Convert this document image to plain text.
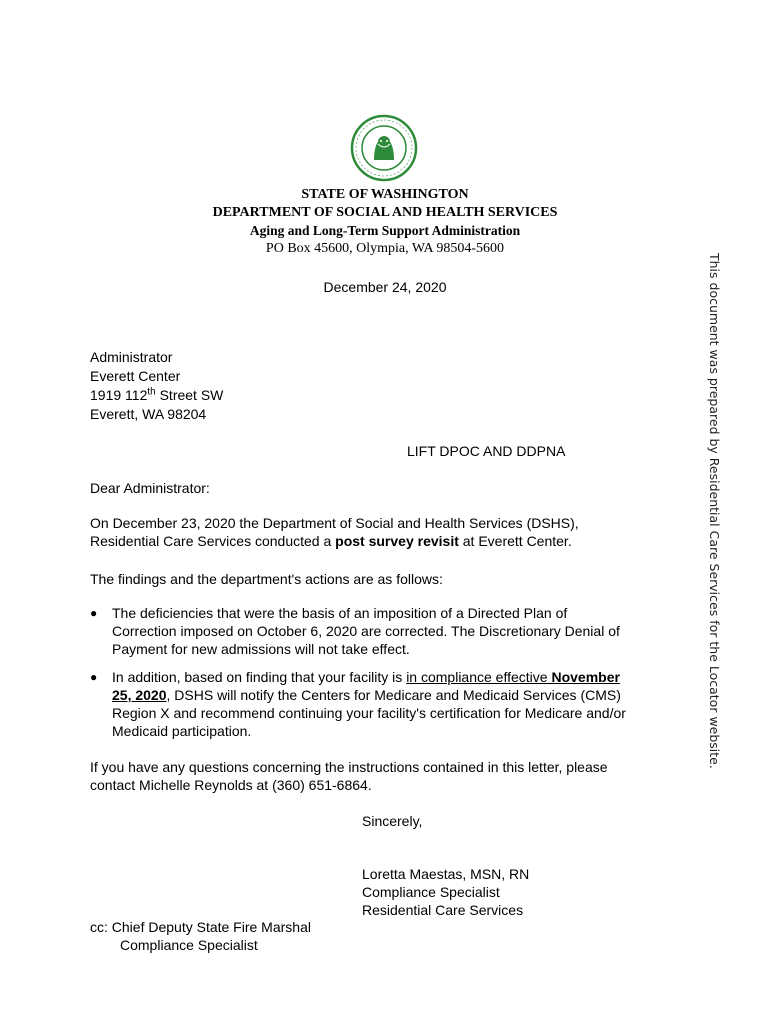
STATE OF WASHINGTON
DEPARTMENT OF SOCIAL AND HEALTH SERVICES
Aging and Long-Term Support Administration
PO Box 45600, Olympia, WA 98504-5600
December 24, 2020
Administrator
Everett Center
1919 112th Street SW
Everett, WA 98204
LIFT DPOC AND DDPNA
Dear Administrator:
On December 23, 2020 the Department of Social and Health Services (DSHS),
Residential Care Services conducted a post survey revisit at Everett Center.
The findings and the department's actions are as follows:
● The deficiencies that were the basis of an imposition of a Directed Plan of
Correction imposed on October 6, 2020 are corrected. The Discretionary Denial of
Payment for new admissions will not take effect.
● In addition, based on finding that your facility is in compliance effective November
25, 2020, DSHS will notify the Centers for Medicare and Medicaid Services (CMS)
Region X and recommend continuing your facility's certification for Medicare and/or
Medicaid participation.
If you have any questions concerning the instructions contained in this letter, please
contact Michelle Reynolds at (360) 651-6864.
Sincerely,
Loretta Maestas, MSN, RN
Compliance Specialist
Residential Care Services
cc: Chief Deputy State Fire Marshal
Compliance Specialist
This document was prepared by Residential Care Services for the Locator website.
